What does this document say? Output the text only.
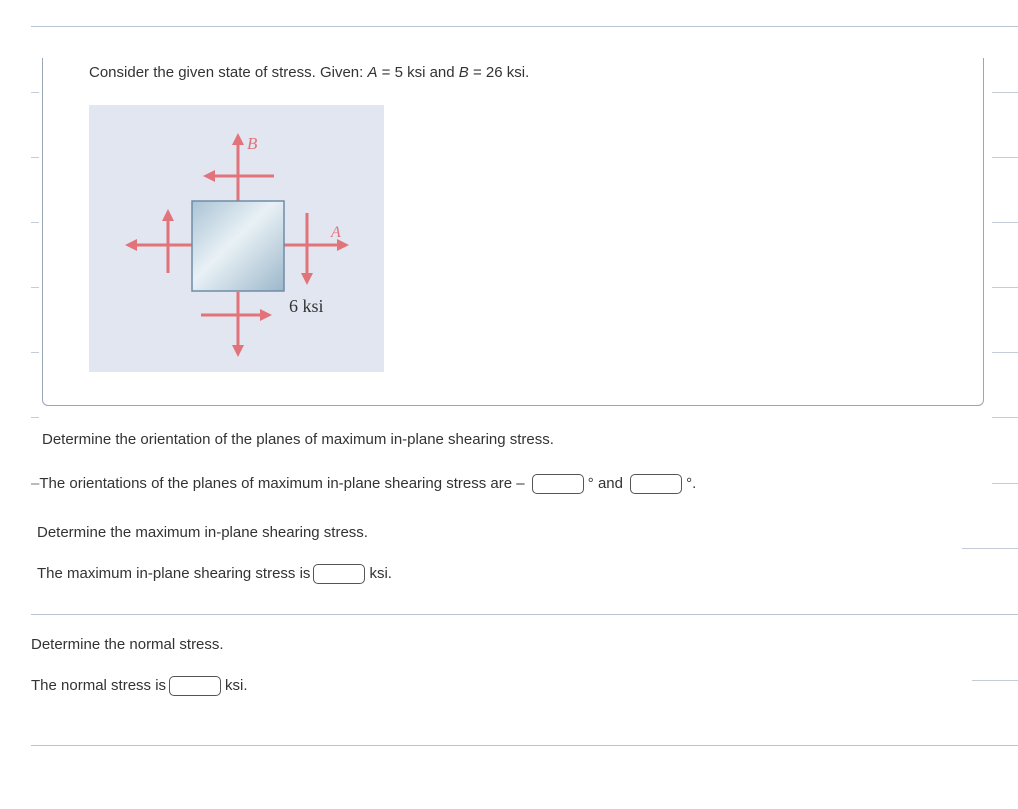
Consider the given state of stress. Given: A = 5 ksi and B = 26 ksi.
B
A
6 ksi
Determine the orientation of the planes of maximum in-plane shearing stress.
–The orientations of the planes of maximum in-plane shearing stress are –	° and	°.
Determine the maximum in-plane shearing stress.
The maximum in-plane shearing stress is	ksi.
Determine the normal stress.
The normal stress is	ksi.
